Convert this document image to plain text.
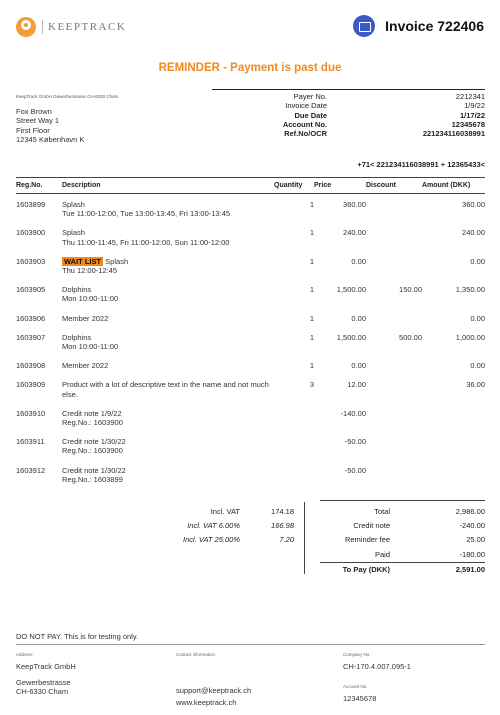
KEEPTRACK	Invoice 722406
REMINDER - Payment is past due
KeepTrack GmbH Gewerbestrasse CH-6330 Cham
Fox Brown
Street Way 1
First Floor
12345 København K
Payer No.	2212341
Invoice Date	1/9/22
Due Date	1/17/22
Account No.	12345678
Ref.No/OCR	221234116038991
+71< 221234116038991 + 12365433<
Reg.No.	Description	Quantity	Price	Discount	Amount (DKK)
1603899	Splash
Tue 11:00-12:00, Tue 13:00-13:45, Fri 13:00-13:45	1	360.00		360.00
1603900	Splash
Thu 11:00-11:45, Fri 11:00-12:00, Sun 11:00-12:00	1	240.00		240.00
1603903	WAIT LIST Splash
Thu 12:00-12:45	1	0.00		0.00
1603905	Dolphins
Mon 10:00-11:00	1	1,500.00	150.00	1,350.00
1603906	Member 2022	1	0.00		0.00
1603907	Dolphins
Mon 10:00-11:00	1	1,500.00	500.00	1,000.00
1603908	Member 2022	1	0.00		0.00
1603909	Product with a lot of descriptive text in the name and not much else.	3	12.00		36.00
1603910	Credit note 1/9/22
Reg.No.: 1603900		-140.00		
1603911	Credit note 1/30/22
Reg.No.: 1603900		-50.00		
1603912	Credit note 1/30/22
Reg.No.: 1603899		-50.00		
Incl. VAT	174.18
Incl. VAT 6.00%	166.98
Incl. VAT 25.00%	7.20
Total	2,986.00
Credit note	-240.00
Reminder fee	25.00
Paid	-180.00
To Pay (DKK)	2,591.00
DO NOT PAY. This is for testing only.
Address
KeepTrack GmbH
Gewerbestrasse
CH-6330 Cham
Contact information
support@keeptrack.ch
www.keeptrack.ch
Company No.
CH-170.4.007.095-1
Account No.
12345678
